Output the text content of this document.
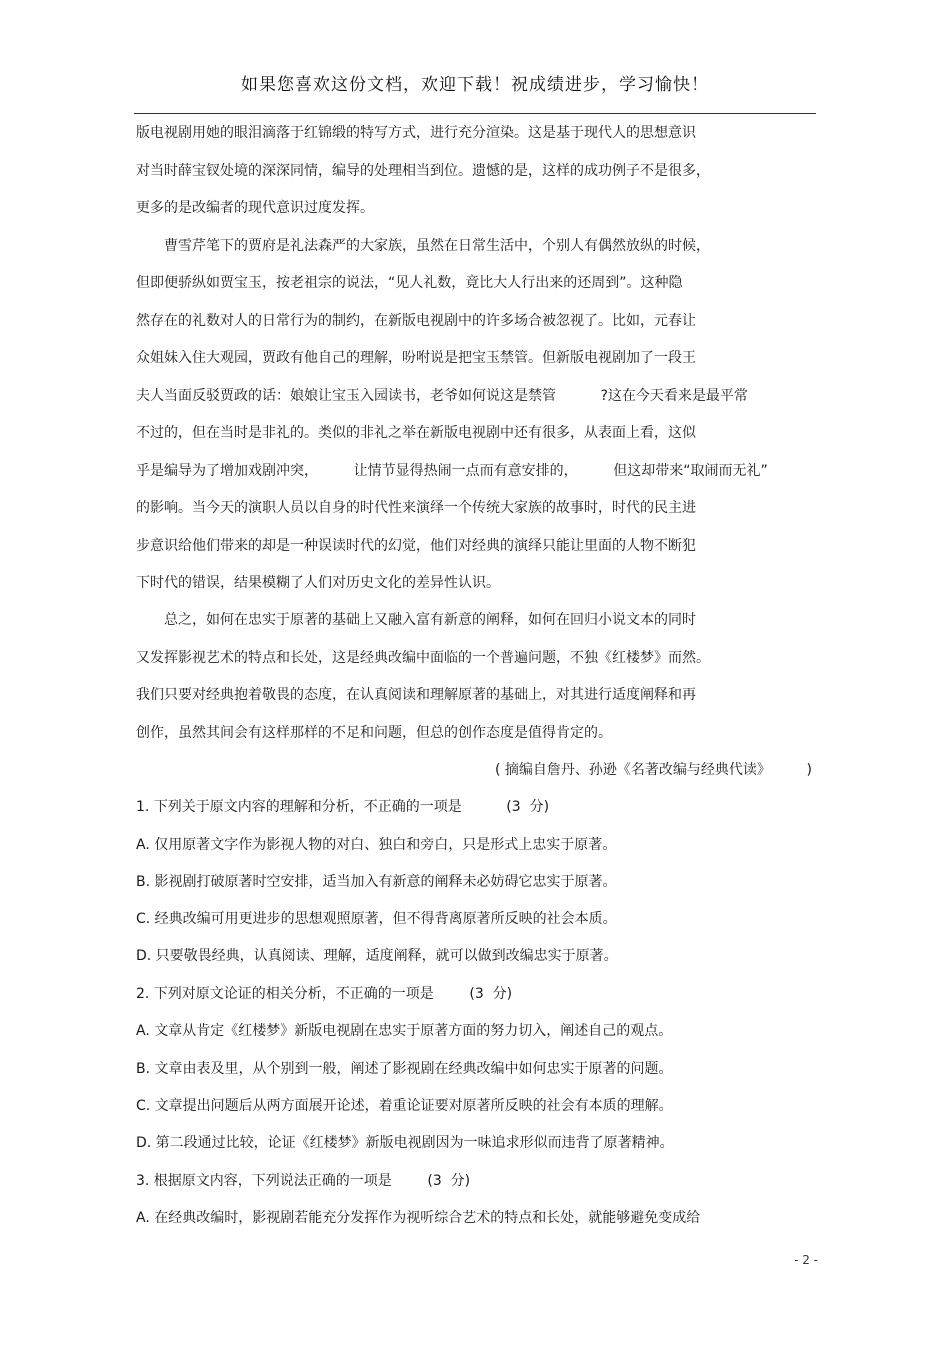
如果您喜欢这份文档，欢迎下载！祝成绩进步，学习愉快！
版电视剧用她的眼泪滴落于红锦缎的特写方式，进行充分渲染。这是基于现代人的思想意识
对当时薛宝钗处境的深深同情，编导的处理相当到位。遗憾的是，这样的成功例子不是很多，
更多的是改编者的现代意识过度发挥。
曹雪芹笔下的贾府是礼法森严的大家族，虽然在日常生活中，个别人有偶然放纵的时候，
但即便骄纵如贾宝玉，按老祖宗的说法，“见人礼数，竟比大人行出来的还周到”。这种隐
然存在的礼数对人的日常行为的制约，在新版电视剧中的许多场合被忽视了。比如，元春让
众姐妹入住大观园，贾政有他自己的理解，吩咐说是把宝玉禁管。但新版电视剧加了一段王
夫人当面反驳贾政的话：娘娘让宝玉入园读书，老爷如何说这是禁管          ?这在今天看来是最平常
不过的，但在当时是非礼的。类似的非礼之举在新版电视剧中还有很多，从表面上看，这似
乎是编导为了增加戏剧冲突，        让情节显得热闹一点而有意安排的，        但这却带来“取闹而无礼”
的影响。当今天的演职人员以自身的时代性来演绎一个传统大家族的故事时，时代的民主进
步意识给他们带来的却是一种误读时代的幻觉，他们对经典的演绎只能让里面的人物不断犯
下时代的错误，结果模糊了人们对历史文化的差异性认识。
总之，如何在忠实于原著的基础上又融入富有新意的阐释，如何在回归小说文本的同时
又发挥影视艺术的特点和长处，这是经典改编中面临的一个普遍问题，不独《红楼梦》而然。
我们只要对经典抱着敬畏的态度，在认真阅读和理解原著的基础上，对其进行适度阐释和再
创作，虽然其间会有这样那样的不足和问题，但总的创作态度是值得肯定的。
( 摘编自詹丹、孙逊《名著改编与经典代读》        )
1. 下列关于原文内容的理解和分析，不正确的一项是          (3  分)
A. 仅用原著文字作为影视人物的对白、独白和旁白，只是形式上忠实于原著。
B. 影视剧打破原著时空安排，适当加入有新意的阐释未必妨碍它忠实于原著。
C. 经典改编可用更进步的思想观照原著，但不得背离原著所反映的社会本质。
D. 只要敬畏经典，认真阅读、理解，适度阐释，就可以做到改编忠实于原著。
2. 下列对原文论证的相关分析，不正确的一项是        (3  分)
A. 文章从肯定《红楼梦》新版电视剧在忠实于原著方面的努力切入，阐述自己的观点。
B. 文章由表及里，从个别到一般，阐述了影视剧在经典改编中如何忠实于原著的问题。
C. 文章提出问题后从两方面展开论述，着重论证要对原著所反映的社会有本质的理解。
D. 第二段通过比较，论证《红楼梦》新版电视剧因为一味追求形似而违背了原著精神。
3. 根据原文内容，下列说法正确的一项是        (3  分)
A. 在经典改编时，影视剧若能充分发挥作为视听综合艺术的特点和长处，就能够避免变成给
- 2 -
